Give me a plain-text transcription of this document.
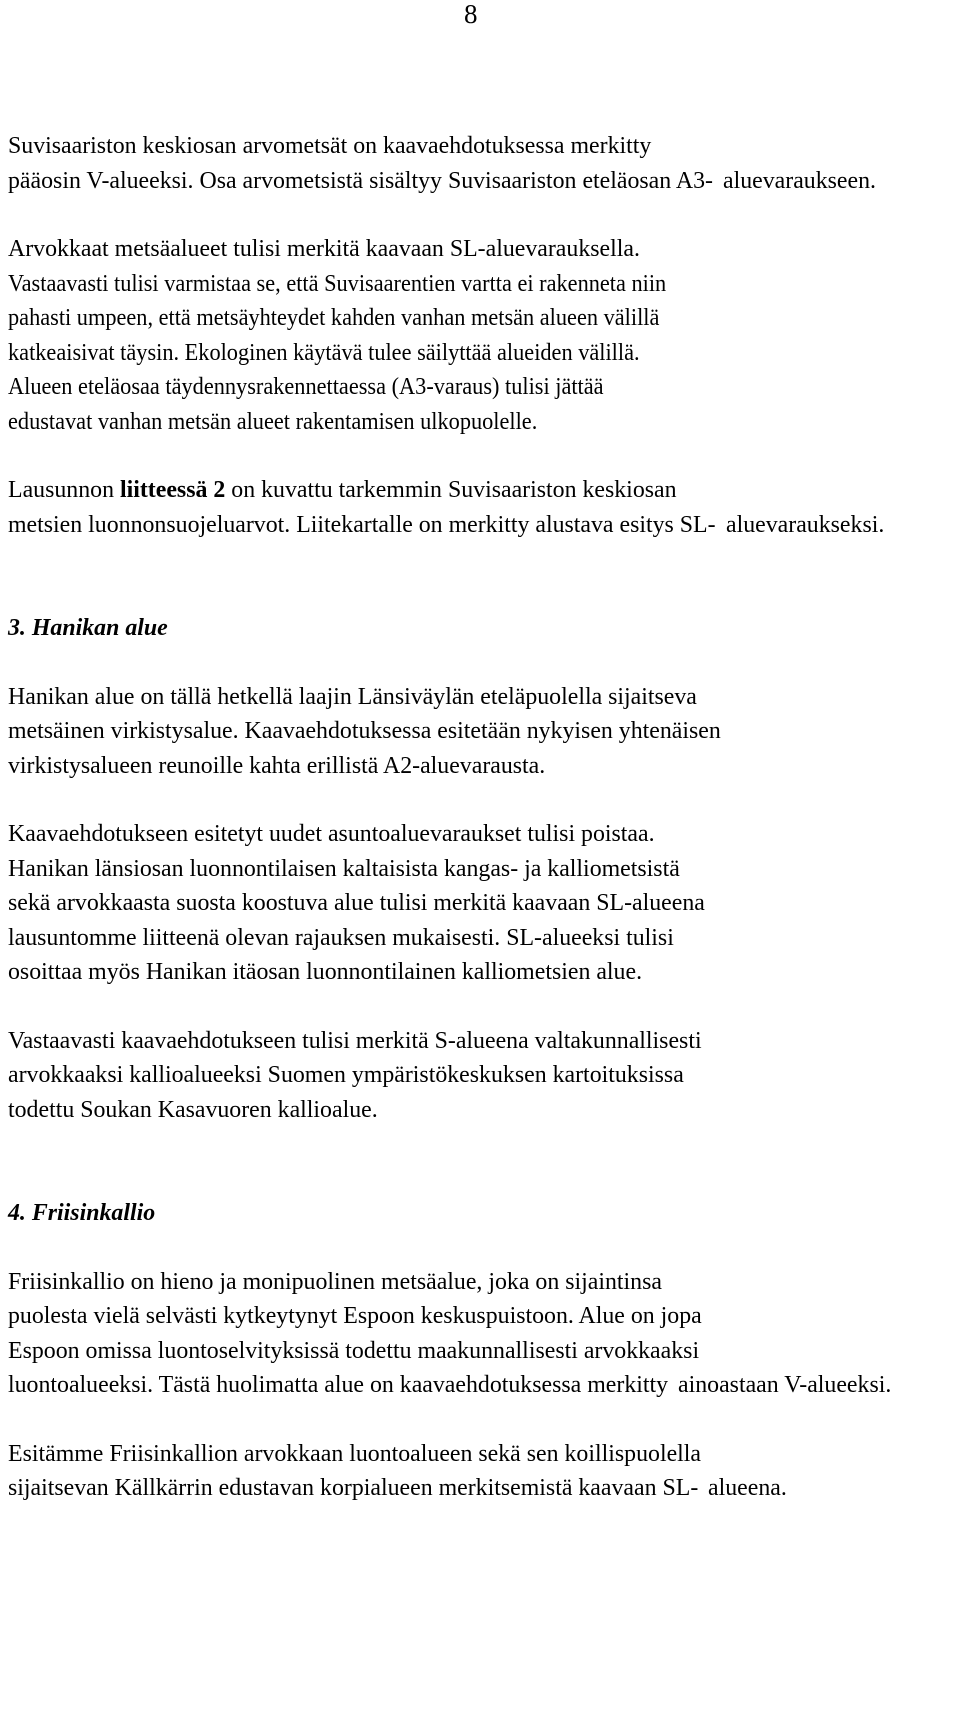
8
Suvisaariston keskiosan arvometsät on kaavaehdotuksessa merkitty pääosin V-alueeksi. Osa arvometsistä sisältyy Suvisaariston eteläosan A3- aluevaraukseen.
Arvokkaat metsäalueet tulisi merkitä kaavaan SL-aluevarauksella. Vastaavasti tulisi varmistaa se, että Suvisaarentien vartta ei rakenneta niin pahasti umpeen, että metsäyhteydet kahden vanhan metsän alueen välillä katkeaisivat täysin. Ekologinen käytävä tulee säilyttää alueiden välillä. Alueen eteläosaa täydennysrakennettaessa (A3-varaus) tulisi jättää edustavat vanhan metsän alueet rakentamisen ulkopuolelle.
Lausunnon liitteessä 2 on kuvattu tarkemmin Suvisaariston keskiosan metsien luonnonsuojeluarvot. Liitekartalle on merkitty alustava esitys SL- aluevaraukseksi.
3. Hanikan alue
Hanikan alue on tällä hetkellä laajin Länsiväylän eteläpuolella sijaitseva metsäinen virkistysalue. Kaavaehdotuksessa esitetään nykyisen yhtenäisen virkistysalueen reunoille kahta erillistä A2-aluevarausta.
Kaavaehdotukseen esitetyt uudet asuntoaluevaraukset tulisi poistaa. Hanikan länsiosan luonnontilaisen kaltaisista kangas- ja kalliometsistä sekä arvokkaasta suosta koostuva alue tulisi merkitä kaavaan SL-alueena lausuntomme liitteenä olevan rajauksen mukaisesti. SL-alueeksi tulisi osoittaa myös Hanikan itäosan luonnontilainen kalliometsien alue.
Vastaavasti kaavaehdotukseen tulisi merkitä S-alueena valtakunnallisesti arvokkaaksi kallioalueeksi Suomen ympäristökeskuksen kartoituksissa todettu Soukan Kasavuoren kallioalue.
4. Friisinkallio
Friisinkallio on hieno ja monipuolinen metsäalue, joka on sijaintinsa puolesta vielä selvästi kytkeytynyt Espoon keskuspuistoon. Alue on jopa Espoon omissa luontoselvityksissä todettu maakunnallisesti arvokkaaksi luontoalueeksi. Tästä huolimatta alue on kaavaehdotuksessa merkitty ainoastaan V-alueeksi.
Esitämme Friisinkallion arvokkaan luontoalueen sekä sen koillispuolella sijaitsevan Källkärrin edustavan korpialueen merkitsemistä kaavaan SL- alueena.
